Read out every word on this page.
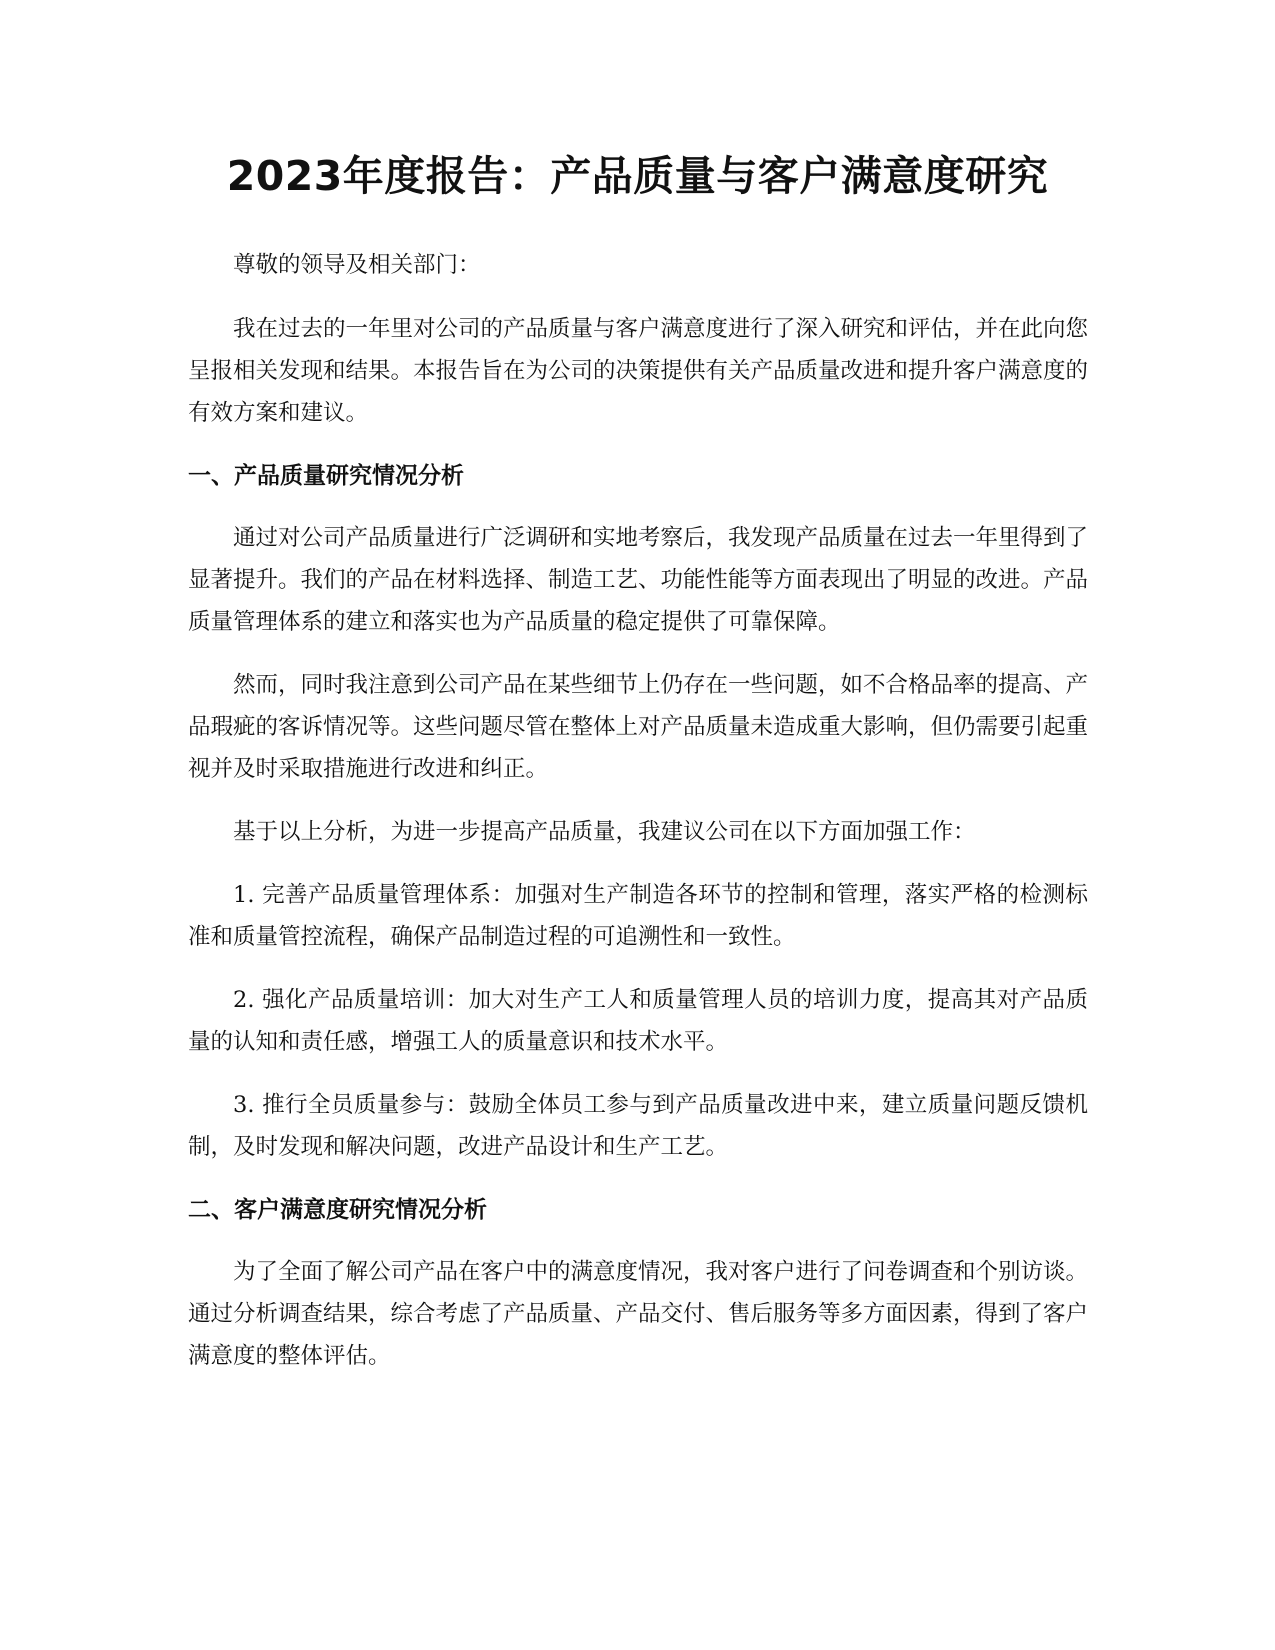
2023年度报告：产品质量与客户满意度研究

尊敬的领导及相关部门：

我在过去的一年里对公司的产品质量与客户满意度进行了深入研究和评估，并在此向您呈报相关发现和结果。本报告旨在为公司的决策提供有关产品质量改进和提升客户满意度的有效方案和建议。

一、产品质量研究情况分析

通过对公司产品质量进行广泛调研和实地考察后，我发现产品质量在过去一年里得到了显著提升。我们的产品在材料选择、制造工艺、功能性能等方面表现出了明显的改进。产品质量管理体系的建立和落实也为产品质量的稳定提供了可靠保障。

然而，同时我注意到公司产品在某些细节上仍存在一些问题，如不合格品率的提高、产品瑕疵的客诉情况等。这些问题尽管在整体上对产品质量未造成重大影响，但仍需要引起重视并及时采取措施进行改进和纠正。

基于以上分析，为进一步提高产品质量，我建议公司在以下方面加强工作：

1. 完善产品质量管理体系：加强对生产制造各环节的控制和管理，落实严格的检测标准和质量管控流程，确保产品制造过程的可追溯性和一致性。

2. 强化产品质量培训：加大对生产工人和质量管理人员的培训力度，提高其对产品质量的认知和责任感，增强工人的质量意识和技术水平。

3. 推行全员质量参与：鼓励全体员工参与到产品质量改进中来，建立质量问题反馈机制，及时发现和解决问题，改进产品设计和生产工艺。

二、客户满意度研究情况分析

为了全面了解公司产品在客户中的满意度情况，我对客户进行了问卷调查和个别访谈。通过分析调查结果，综合考虑了产品质量、产品交付、售后服务等多方面因素，得到了客户满意度的整体评估。
